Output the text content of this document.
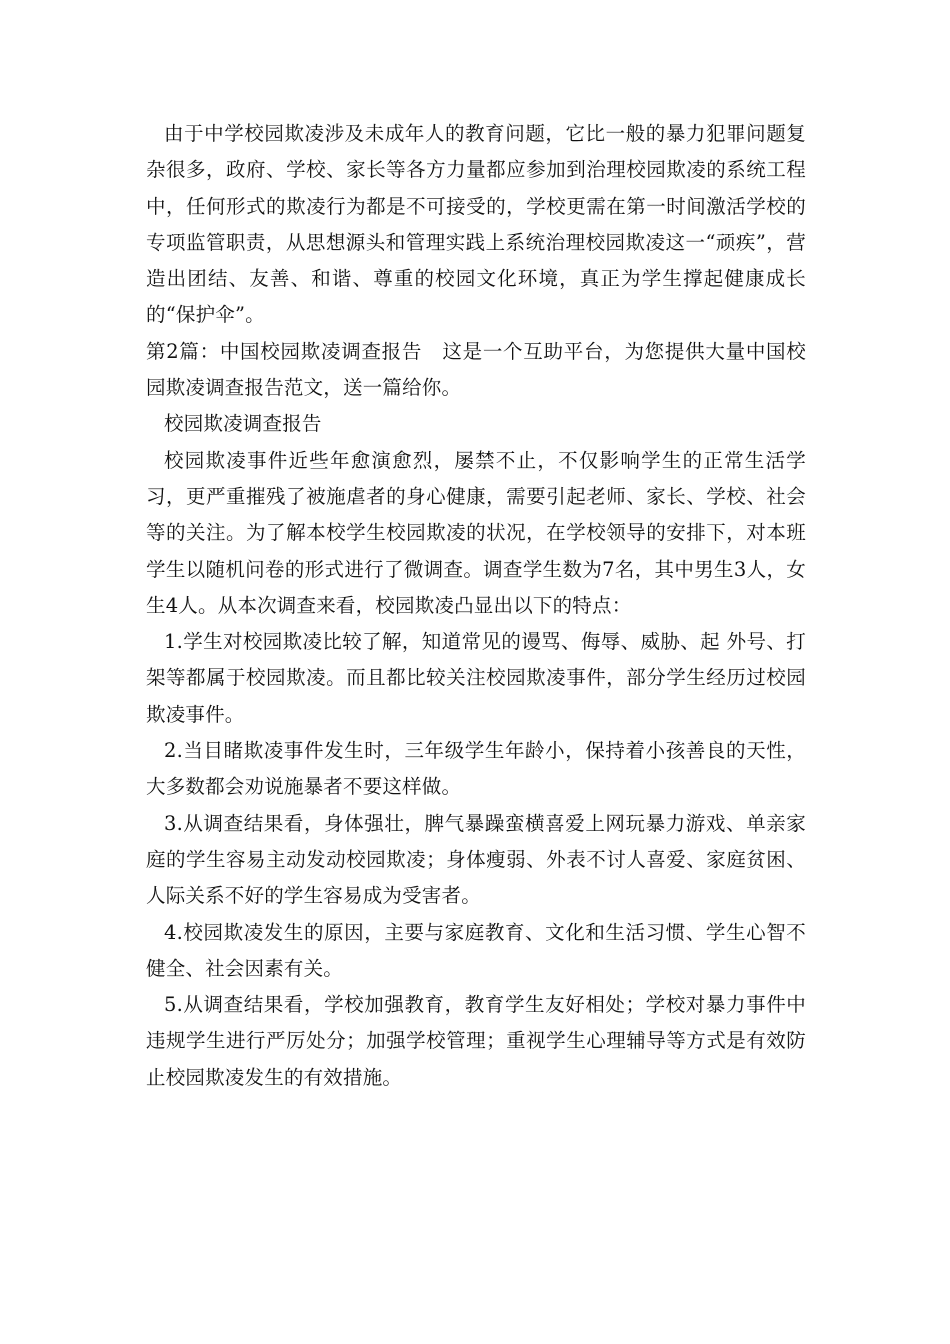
由于中学校园欺凌涉及未成年人的教育问题，它比一般的暴力犯罪问题复杂很多，政府、学校、家长等各方力量都应参加到治理校园欺凌的系统工程中，任何形式的欺凌行为都是不可接受的，学校更需在第一时间激活学校的专项监管职责，从思想源头和管理实践上系统治理校园欺凌这一“顽疾”，营造出团结、友善、和谐、尊重的校园文化环境，真正为学生撑起健康成长的“保护伞”。

第2篇：中国校园欺凌调查报告　这是一个互助平台，为您提供大量中国校园欺凌调查报告范文，送一篇给你。

校园欺凌调查报告

校园欺凌事件近些年愈演愈烈，屡禁不止，不仅影响学生的正常生活学习，更严重摧残了被施虐者的身心健康，需要引起老师、家长、学校、社会等的关注。为了解本校学生校园欺凌的状况，在学校领导的安排下，对本班学生以随机问卷的形式进行了微调查。调查学生数为7名，其中男生3人，女生4人。从本次调查来看，校园欺凌凸显出以下的特点：

1.学生对校园欺凌比较了解，知道常见的谩骂、侮辱、威胁、起 外号、打架等都属于校园欺凌。而且都比较关注校园欺凌事件，部分学生经历过校园欺凌事件。

2.当目睹欺凌事件发生时，三年级学生年龄小，保持着小孩善良的天性，大多数都会劝说施暴者不要这样做。

3.从调查结果看，身体强壮，脾气暴躁蛮横喜爱上网玩暴力游戏、单亲家庭的学生容易主动发动校园欺凌；身体瘦弱、外表不讨人喜爱、家庭贫困、人际关系不好的学生容易成为受害者。

4.校园欺凌发生的原因，主要与家庭教育、文化和生活习惯、学生心智不健全、社会因素有关。

5.从调查结果看，学校加强教育，教育学生友好相处；学校对暴力事件中违规学生进行严厉处分；加强学校管理；重视学生心理辅导等方式是有效防止校园欺凌发生的有效措施。
